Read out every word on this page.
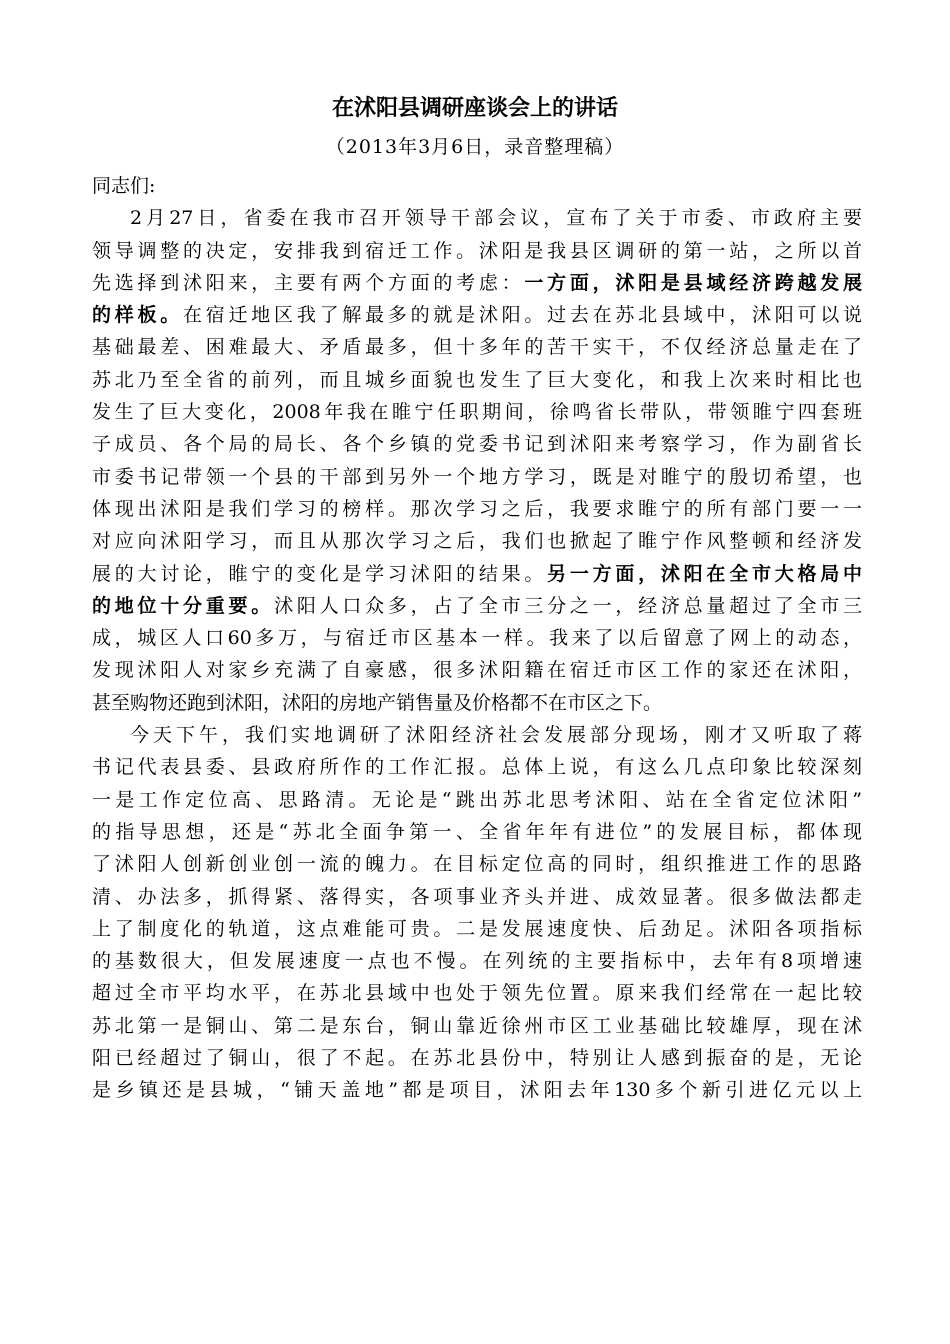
在沭阳县调研座谈会上的讲话

（2013年3月6日，录音整理稿）

同志们:
2月27日，省委在我市召开领导干部会议，宣布了关于市委、市政府主要
领导调整的决定，安排我到宿迁工作。沭阳是我县区调研的第一站，之所以首
先选择到沭阳来，主要有两个方面的考虑：一方面，沭阳是县域经济跨越发展
的样板。在宿迁地区我了解最多的就是沭阳。过去在苏北县域中，沭阳可以说
基础最差、困难最大、矛盾最多，但十多年的苦干实干，不仅经济总量走在了
苏北乃至全省的前列，而且城乡面貌也发生了巨大变化，和我上次来时相比也
发生了巨大变化，2008年我在睢宁任职期间，徐鸣省长带队，带领睢宁四套班
子成员、各个局的局长、各个乡镇的党委书记到沭阳来考察学习，作为副省长
市委书记带领一个县的干部到另外一个地方学习，既是对睢宁的殷切希望，也
体现出沭阳是我们学习的榜样。那次学习之后，我要求睢宁的所有部门要一一
对应向沭阳学习，而且从那次学习之后，我们也掀起了睢宁作风整顿和经济发
展的大讨论，睢宁的变化是学习沭阳的结果。另一方面，沭阳在全市大格局中
的地位十分重要。沭阳人口众多，占了全市三分之一，经济总量超过了全市三
成，城区人口60多万，与宿迁市区基本一样。我来了以后留意了网上的动态，
发现沭阳人对家乡充满了自豪感，很多沭阳籍在宿迁市区工作的家还在沭阳，
甚至购物还跑到沭阳，沭阳的房地产销售量及价格都不在市区之下。
今天下午，我们实地调研了沭阳经济社会发展部分现场，刚才又听取了蒋
书记代表县委、县政府所作的工作汇报。总体上说，有这么几点印象比较深刻
一是工作定位高、思路清。无论是“跳出苏北思考沭阳、站在全省定位沭阳”
的指导思想，还是“苏北全面争第一、全省年年有进位”的发展目标，都体现
了沭阳人创新创业创一流的魄力。在目标定位高的同时，组织推进工作的思路
清、办法多，抓得紧、落得实，各项事业齐头并进、成效显著。很多做法都走
上了制度化的轨道，这点难能可贵。二是发展速度快、后劲足。沭阳各项指标
的基数很大，但发展速度一点也不慢。在列统的主要指标中，去年有8项增速
超过全市平均水平，在苏北县域中也处于领先位置。原来我们经常在一起比较
苏北第一是铜山、第二是东台，铜山靠近徐州市区工业基础比较雄厚，现在沭
阳已经超过了铜山，很了不起。在苏北县份中，特别让人感到振奋的是，无论
是乡镇还是县城，“铺天盖地”都是项目，沭阳去年130多个新引进亿元以上
